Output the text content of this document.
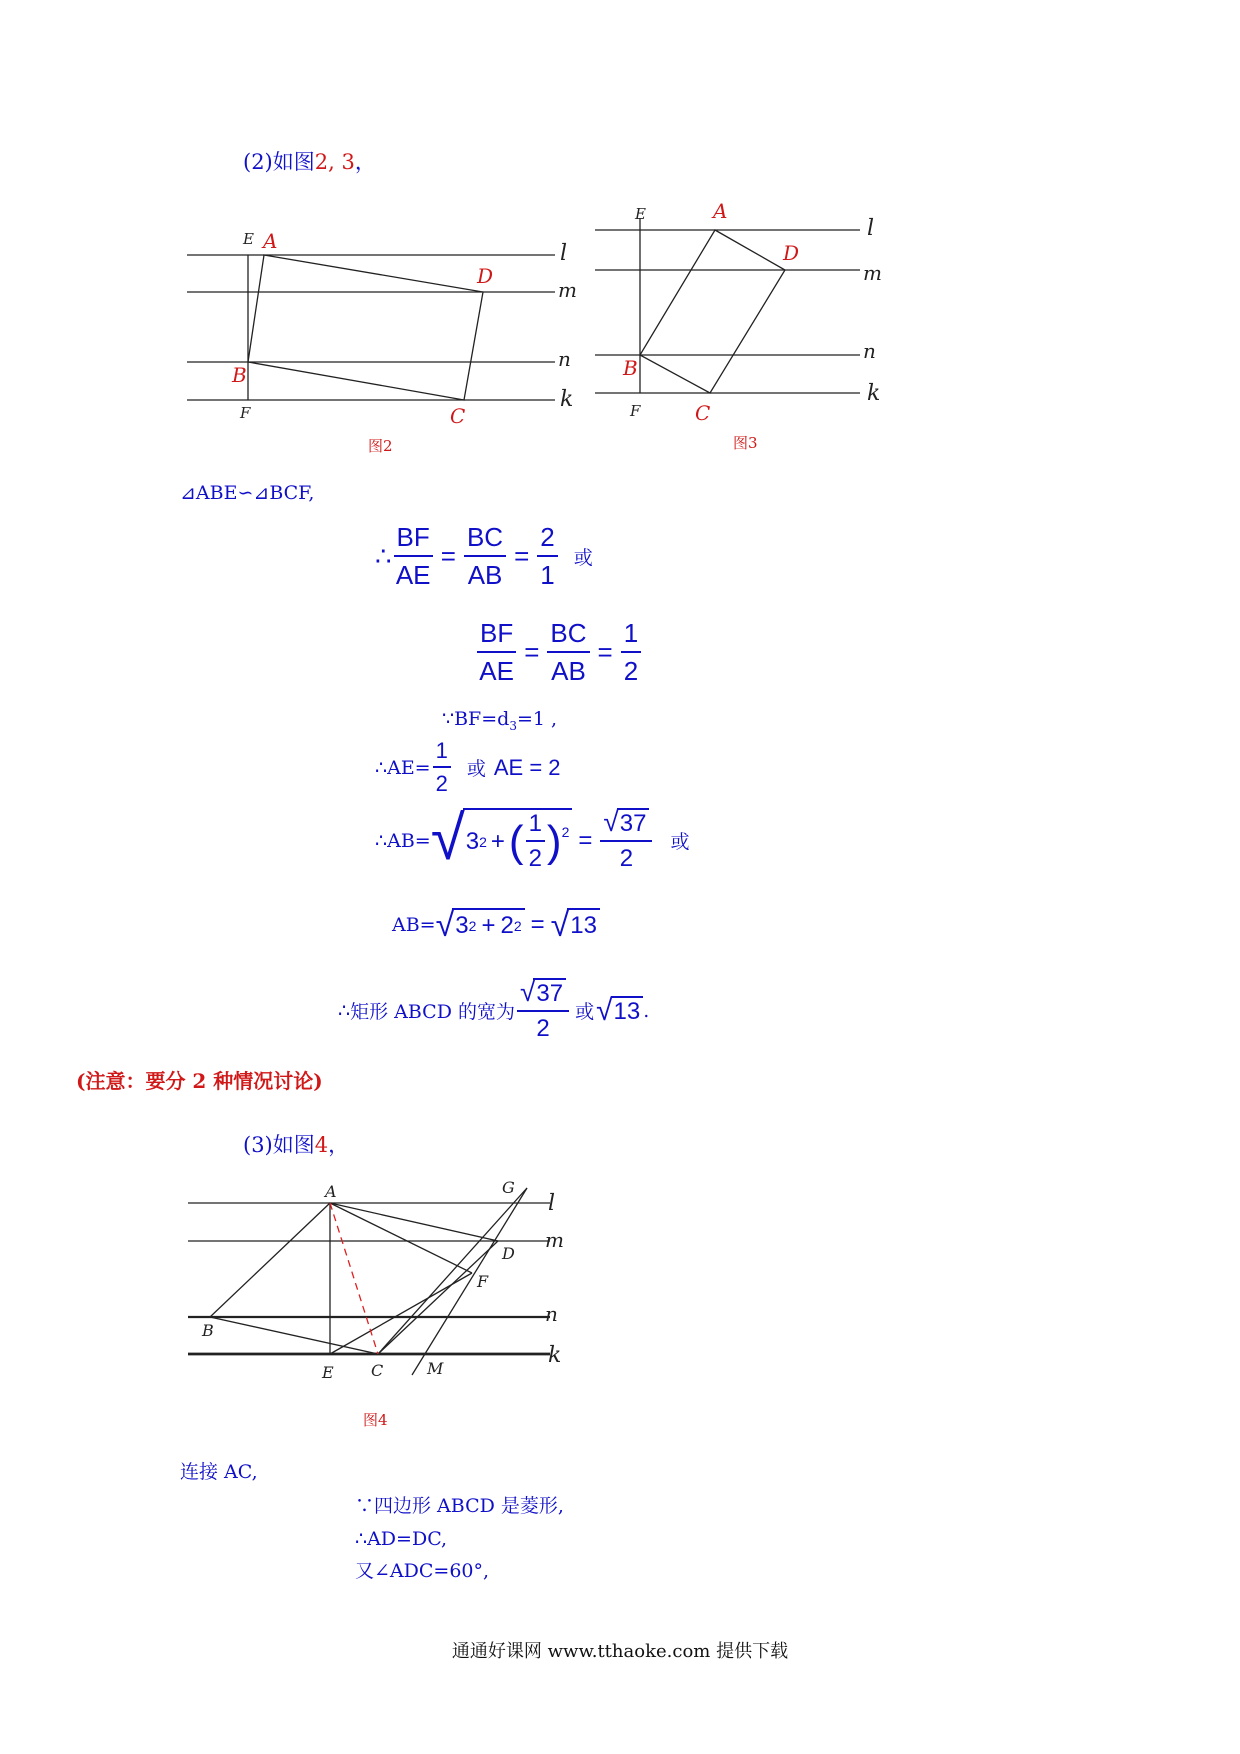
(2)如图2, 3，
E A
D
B
F	C
l
m
n
k
图2
E	A
D
B
F	C
l
m
n
k
图3
⊿ABE∽⊿BCF,
∴ $\frac{BF}{AE} = \frac{BC}{AB} = \frac{2}{1}$ 或
$\frac{BF}{AE} = \frac{BC}{AB} = \frac{1}{2}$
$\because BF=d_3=1$ ,
∴ $AE= \frac{1}{2}$ 或 AE = 2
∴ AB= √ 3 2 + ( $\frac{1}{2} )^2 = \frac{√ 37}{2}$ 或
AB= √ 3 2 + 2 2 = √ 13
∴ 矩形 ABCD 的宽为 $\frac{√ 37}{2}$ 或 √ 13 .
(注意：要分 2 种情况讨论)
(3)如图4，
A
D
F
G
B
E C	M
l
m
n
k
图4
连接 AC,
∵四边形 ABCD 是菱形,
∴AD=DC,
又∠ADC=60°,
通通好课网 www.tthaoke.com 提供下载
